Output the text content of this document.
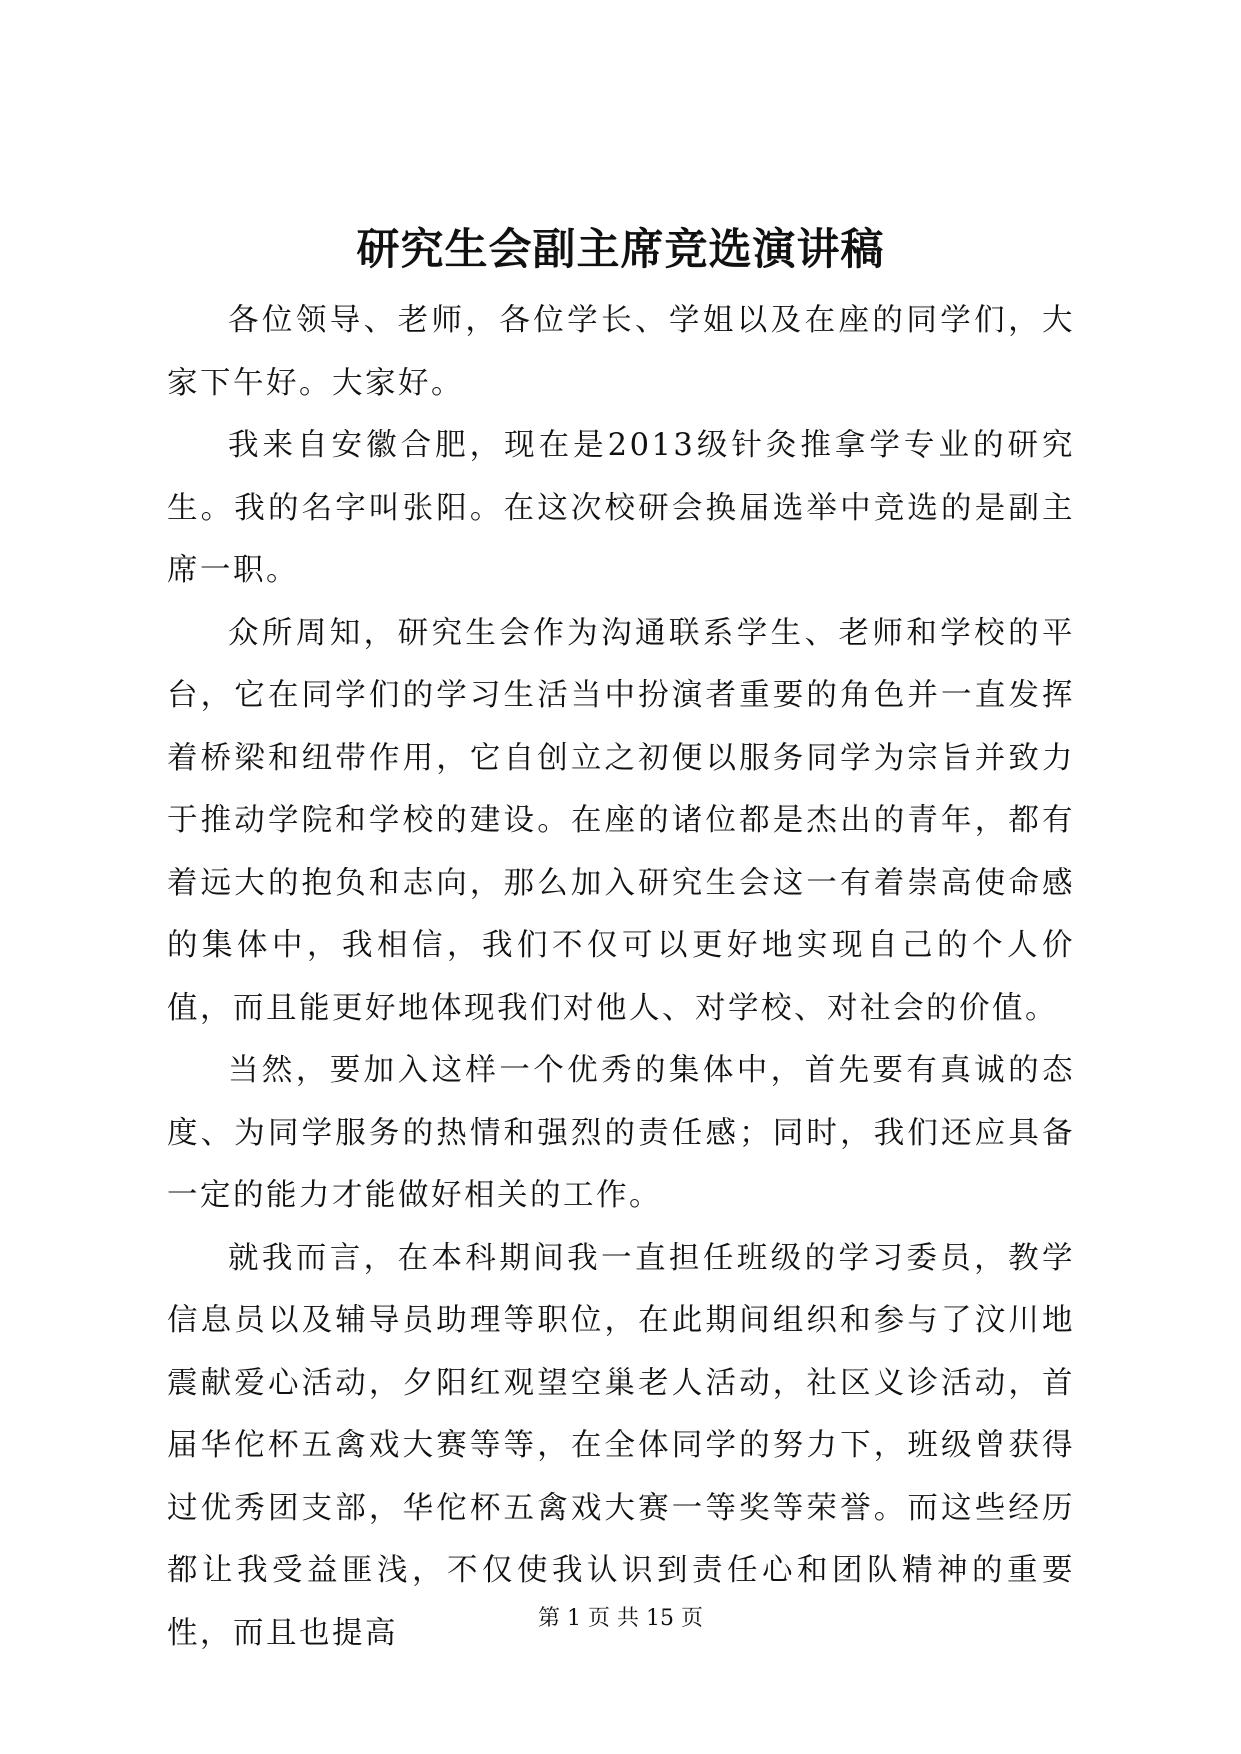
研究生会副主席竞选演讲稿

各位领导、老师，各位学长、学姐以及在座的同学们，大家下午好。大家好。

我来自安徽合肥，现在是2013级针灸推拿学专业的研究生。我的名字叫张阳。在这次校研会换届选举中竞选的是副主席一职。

众所周知，研究生会作为沟通联系学生、老师和学校的平台，它在同学们的学习生活当中扮演者重要的角色并一直发挥着桥梁和纽带作用，它自创立之初便以服务同学为宗旨并致力于推动学院和学校的建设。在座的诸位都是杰出的青年，都有着远大的抱负和志向，那么加入研究生会这一有着崇高使命感的集体中，我相信，我们不仅可以更好地实现自己的个人价值，而且能更好地体现我们对他人、对学校、对社会的价值。

当然，要加入这样一个优秀的集体中，首先要有真诚的态度、为同学服务的热情和强烈的责任感；同时，我们还应具备一定的能力才能做好相关的工作。

就我而言，在本科期间我一直担任班级的学习委员，教学信息员以及辅导员助理等职位，在此期间组织和参与了汶川地震献爱心活动，夕阳红观望空巢老人活动，社区义诊活动，首届华佗杯五禽戏大赛等等，在全体同学的努力下，班级曾获得过优秀团支部，华佗杯五禽戏大赛一等奖等荣誉。而这些经历都让我受益匪浅，不仅使我认识到责任心和团队精神的重要性，而且也提高	第 1 页 共 15 页
